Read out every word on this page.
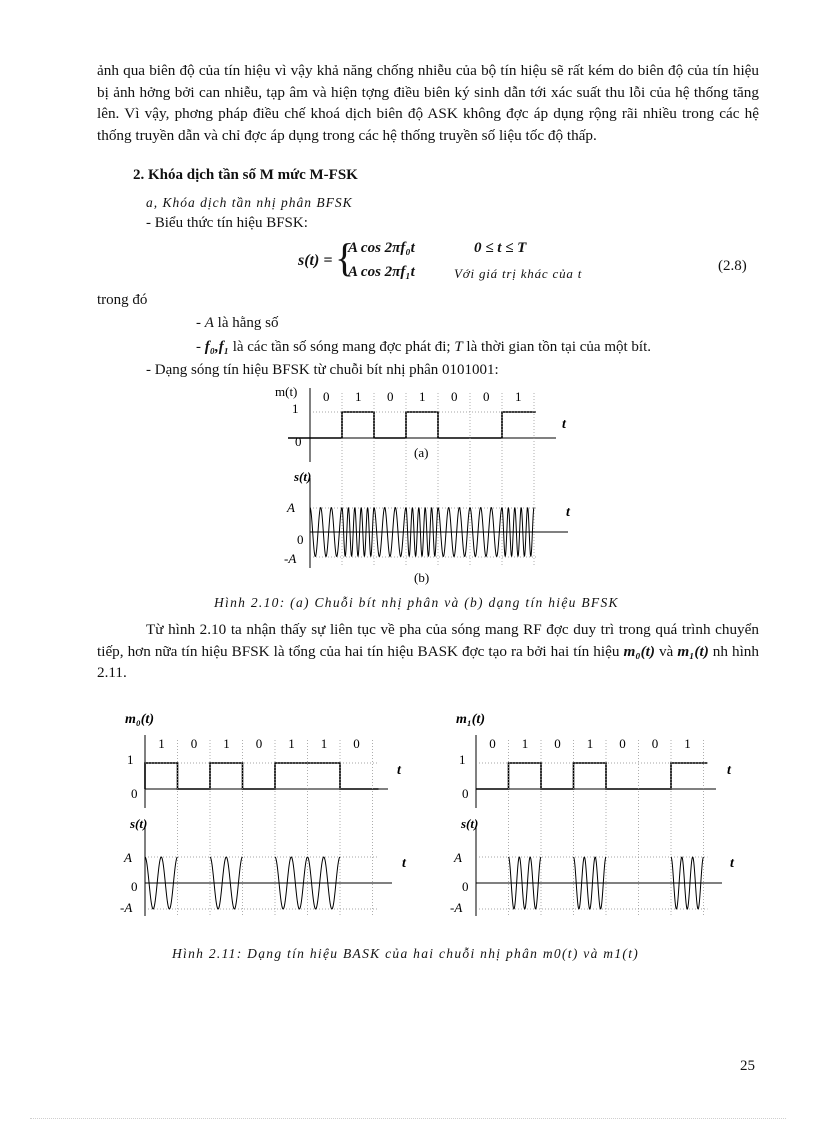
ảnh qua biên độ của tín hiệu vì vậy khả năng chống nhiễu của bộ tín hiệu sẽ rất kém do biên độ của tín hiệu bị ảnh hởng bởi can nhiễu, tạp âm và hiện tợng điều biên ký sinh dẫn tới xác suất thu lỗi của hệ thống tăng lên. Vì vậy, phơng pháp điều chế khoá dịch biên độ ASK không đợc áp dụng rộng rãi nhiều trong các hệ thống truyền dẫn và chỉ đợc áp dụng trong các hệ thống truyền số liệu tốc độ thấp.

2. Khóa dịch tần số M mức M-FSK
a, Khóa dịch tần nhị phân BFSK
- Biểu thức tín hiệu BFSK:
s(t) = {
A cos 2πf₀t	0 ≤ t ≤ T
A cos 2πf₁t	Với giá trị khác của t	(2.8)
trong đó
- A là hằng số
- f₀,f₁ là các tần số sóng mang đợc phát đi; T là thời gian tồn tại của một bít.
- Dạng sóng tín hiệu BFSK từ chuỗi bít nhị phân 0101001:
m(t)
1
0
t
(a)
s(t)
A
0
-A
t
(b)
0 1 0 1 0 0 1
Hình 2.10: (a) Chuỗi bít nhị phân và (b) dạng tín hiệu BFSK

Từ hình 2.10 ta nhận thấy sự liên tục về pha của sóng mang RF đợc duy trì trong quá trình chuyển tiếp, hơn nữa tín hiệu BFSK là tổng của hai tín hiệu BASK đợc tạo ra bởi hai tín hiệu m₀(t) và m₁(t) nh hình 2.11.

m₀(t)
1
0
t
s(t)
A
0
-A
t
m₁(t)
1
0
t
s(t)
A
0
-A
t
1 0 1 0 1 1 0	0 1 0 1 0 0 1
Hình 2.11: Dạng tín hiệu BASK của hai chuỗi nhị phân m0(t) và m1(t)
25
